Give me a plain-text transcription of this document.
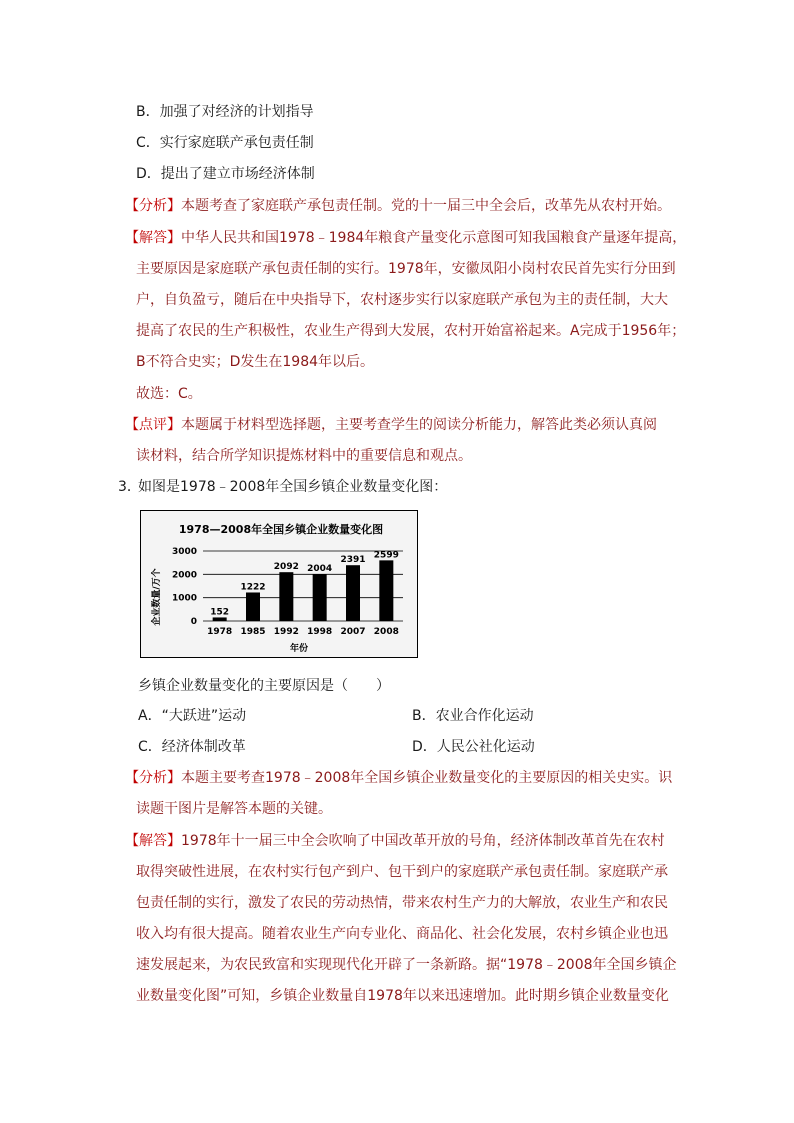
B．加强了对经济的计划指导
C．实行家庭联产承包责任制
D．提出了建立市场经济体制
【分析】本题考查了家庭联产承包责任制。党的十一届三中全会后，改革先从农村开始。
【解答】中华人民共和国1978﹣1984年粮食产量变化示意图可知我国粮食产量逐年提高，
主要原因是家庭联产承包责任制的实行。1978年，安徽凤阳小岗村农民首先实行分田到
户，自负盈亏，随后在中央指导下，农村逐步实行以家庭联产承包为主的责任制，大大
提高了农民的生产积极性，农业生产得到大发展，农村开始富裕起来。A完成于1956年；
B不符合史实；D发生在1984年以后。
故选：C。
【点评】本题属于材料型选择题，主要考查学生的阅读分析能力，解答此类必须认真阅
读材料，结合所学知识提炼材料中的重要信息和观点。
3．
如图是1978﹣2008年全国乡镇企业数量变化图：
1978—2008年全国乡镇企业数量变化图
企业数量/万个
年份
0
1000
2000
3000
152
1978
1222
1985
2092
1992
2004
1998
2391
2007
2599
2008
乡镇企业数量变化的主要原因是（　　）
A．“大跃进”运动	B．农业合作化运动
C．经济体制改革	D．人民公社化运动
【分析】本题主要考查1978﹣2008年全国乡镇企业数量变化的主要原因的相关史实。识
读题干图片是解答本题的关键。
【解答】1978年十一届三中全会吹响了中国改革开放的号角，经济体制改革首先在农村
取得突破性进展，在农村实行包产到户、包干到户的家庭联产承包责任制。家庭联产承
包责任制的实行，激发了农民的劳动热情，带来农村生产力的大解放，农业生产和农民
收入均有很大提高。随着农业生产向专业化、商品化、社会化发展，农村乡镇企业也迅
速发展起来，为农民致富和实现现代化开辟了一条新路。据“1978﹣2008年全国乡镇企
业数量变化图”可知，乡镇企业数量自1978年以来迅速增加。此时期乡镇企业数量变化
